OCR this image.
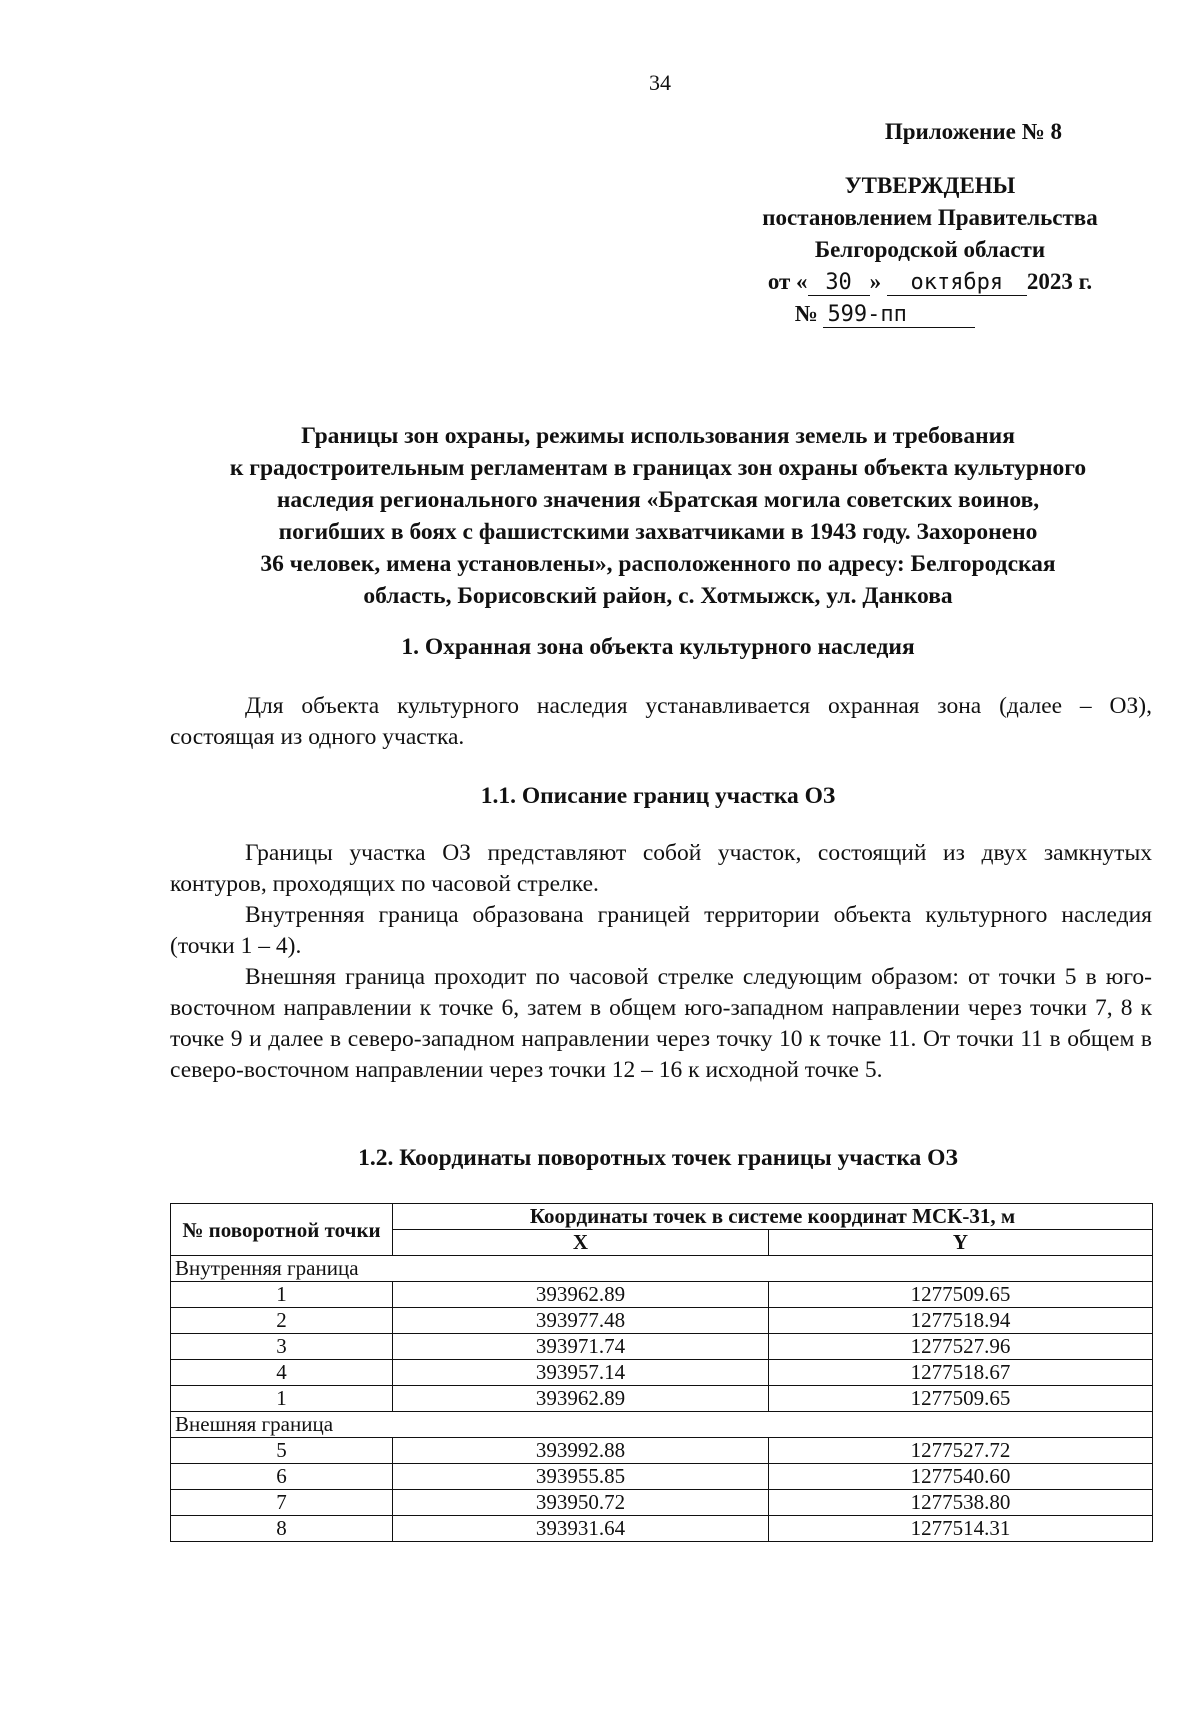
34
Приложение № 8
УТВЕРЖДЕНЫ
постановлением Правительства
Белгородской области
от « 30 » октября 2023 г.
№ 599-пп
Границы зон охраны, режимы использования земель и требования
к градостроительным регламентам в границах зон охраны объекта культурного
наследия регионального значения «Братская могила советских воинов,
погибших в боях с фашистскими захватчиками в 1943 году. Захоронено
36 человек, имена установлены», расположенного по адресу: Белгородская
область, Борисовский район, с. Хотмыжск, ул. Данкова
1. Охранная зона объекта культурного наследия
Для объекта культурного наследия устанавливается охранная зона (далее – ОЗ), состоящая из одного участка.
1.1. Описание границ участка ОЗ
Границы участка ОЗ представляют собой участок, состоящий из двух замкнутых контуров, проходящих по часовой стрелке.
Внутренняя граница образована границей территории объекта культурного наследия (точки 1 – 4).
Внешняя граница проходит по часовой стрелке следующим образом: от точки 5 в юго-восточном направлении к точке 6, затем в общем юго-западном направлении через точки 7, 8 к точке 9 и далее в северо-западном направлении через точку 10 к точке 11. От точки 11 в общем в северо-восточном направлении через точки 12 – 16 к исходной точке 5.
1.2. Координаты поворотных точек границы участка ОЗ
№ поворотной точки	Координаты точек в системе координат МСК-31, м	
	X	Y
Внутренняя граница		
1	393962.89	1277509.65
2	393977.48	1277518.94
3	393971.74	1277527.96
4	393957.14	1277518.67
1	393962.89	1277509.65
Внешняя граница		
5	393992.88	1277527.72
6	393955.85	1277540.60
7	393950.72	1277538.80
8	393931.64	1277514.31
